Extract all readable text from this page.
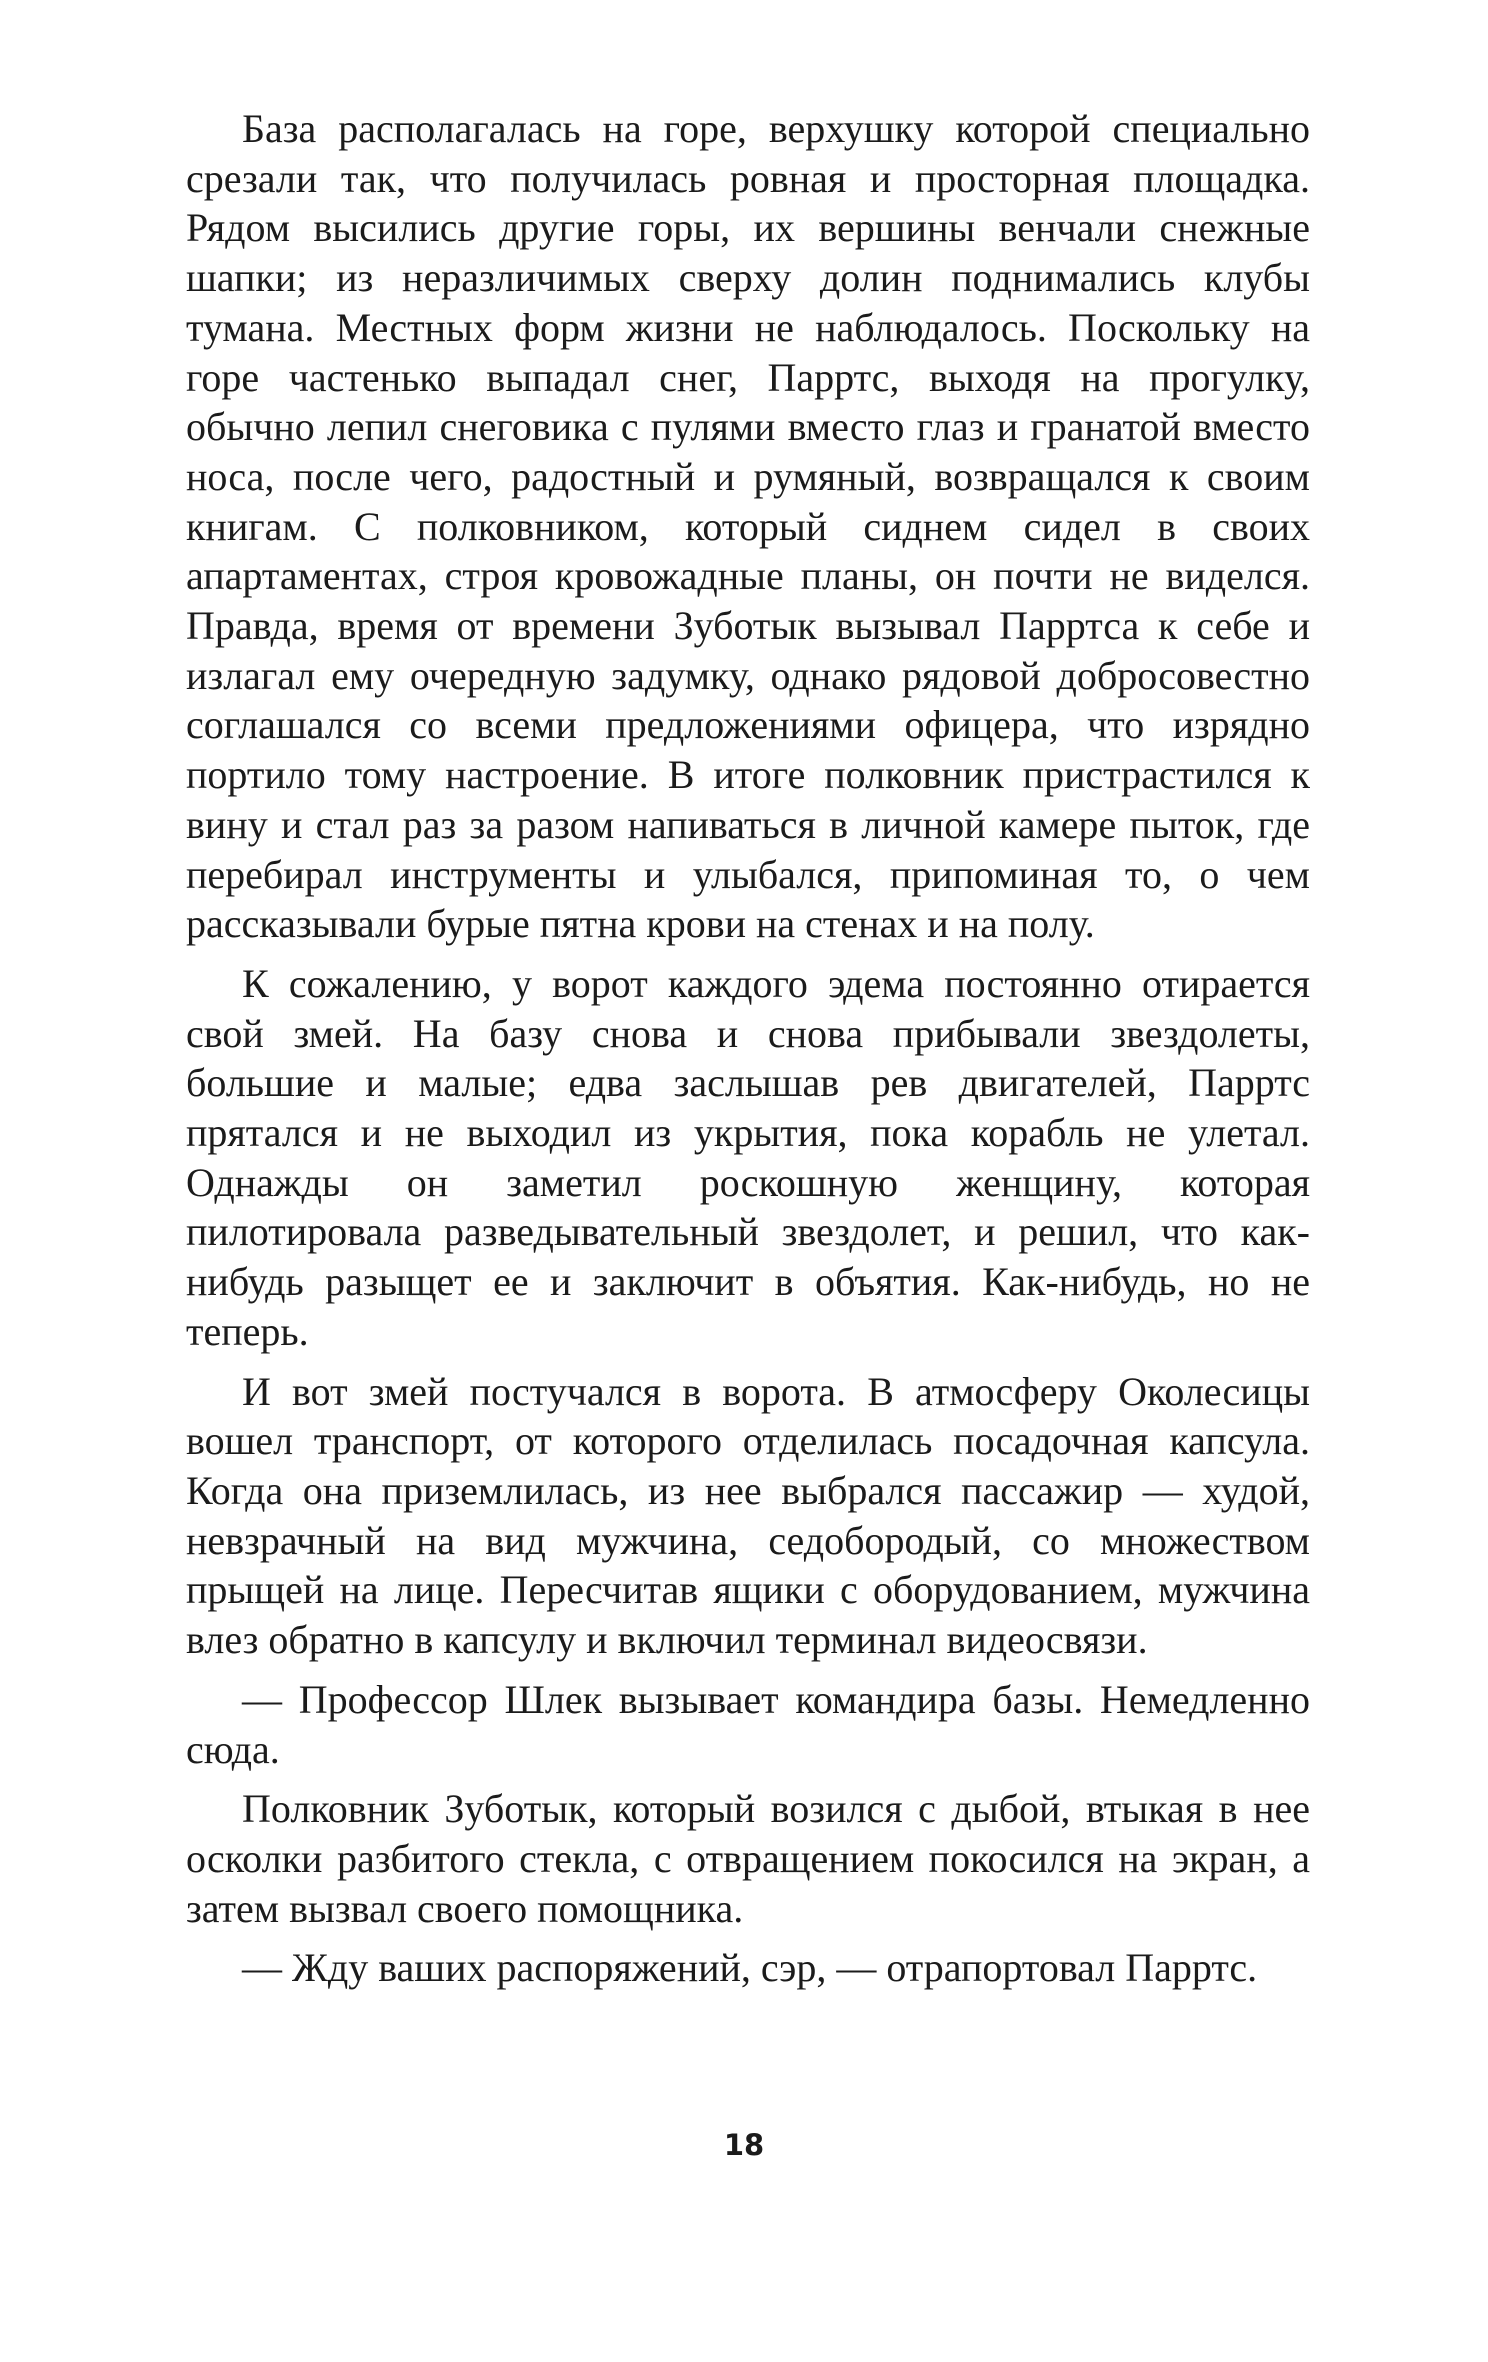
База располагалась на горе, верхушку которой специально срезали так, что получилась ровная и просторная площадка. Рядом высились другие горы, их вершины венчали снежные шапки; из неразличимых сверху долин поднимались клубы тумана. Местных форм жизни не наблюдалось. Поскольку на горе частенько выпадал снег, Парртс, выходя на прогулку, обычно лепил снеговика с пулями вместо глаз и гранатой вместо носа, после чего, радостный и румяный, возвращался к своим книгам. С полковником, который сиднем сидел в своих апартаментах, строя кровожадные планы, он почти не виделся. Правда, время от времени Зуботык вызывал Парртса к себе и излагал ему очередную задумку, однако рядовой добросовестно соглашался со всеми предложениями офицера, что изрядно портило тому настроение. В итоге полковник пристрастился к вину и стал раз за разом напиваться в личной камере пыток, где перебирал инструменты и улыбался, припоминая то, о чем рассказывали бурые пятна крови на стенах и на полу.

К сожалению, у ворот каждого эдема постоянно отирается свой змей. На базу снова и снова прибывали звездолеты, большие и малые; едва заслышав рев двигателей, Парртс прятался и не выходил из укрытия, пока корабль не улетал. Однажды он заметил роскошную женщину, которая пилотировала разведывательный звездолет, и решил, что как-нибудь разыщет ее и заключит в объятия. Как-нибудь, но не теперь.

И вот змей постучался в ворота. В атмосферу Околесицы вошел транспорт, от которого отделилась посадочная капсула. Когда она приземлилась, из нее выбрался пассажир — худой, невзрачный на вид мужчина, седобородый, со множеством прыщей на лице. Пересчитав ящики с оборудованием, мужчина влез обратно в капсулу и включил терминал видеосвязи.

— Профессор Шлек вызывает командира базы. Немедленно сюда.

Полковник Зуботык, который возился с дыбой, втыкая в нее осколки разбитого стекла, с отвращением покосился на экран, а затем вызвал своего помощника.

— Жду ваших распоряжений, сэр, — отрапортовал Парртс.

18
